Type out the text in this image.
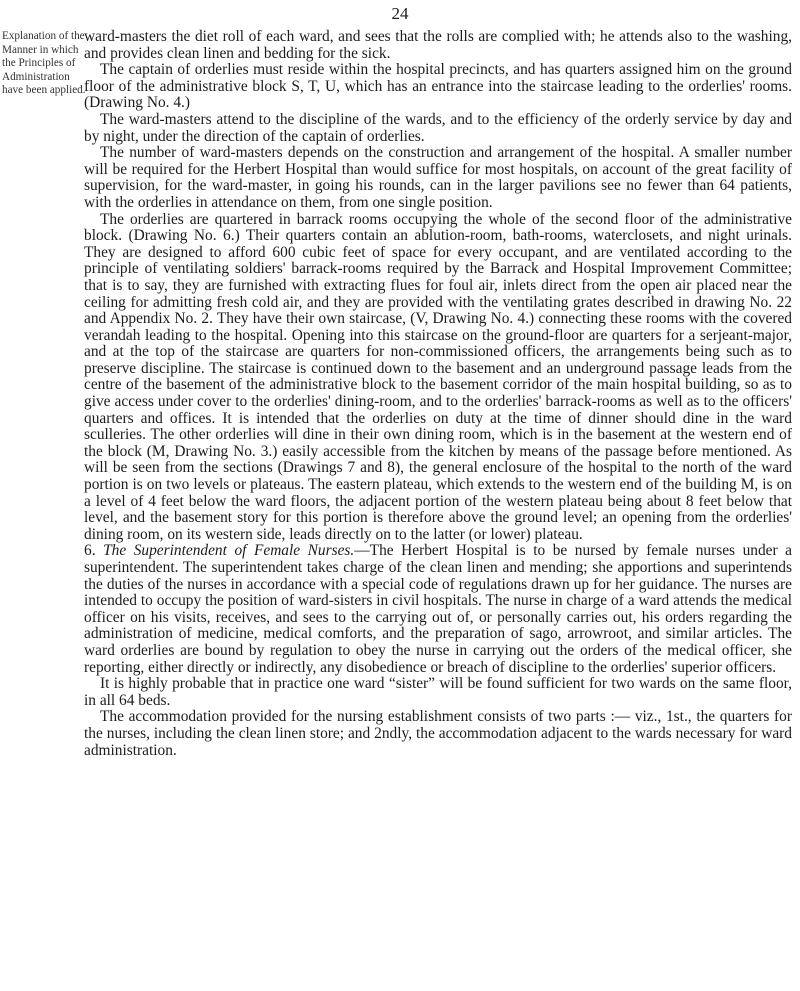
24
Explanation of the
Manner in which
the Principles of
Administration
have been applied.

ward-masters the diet roll of each ward, and sees that the rolls are complied with; he attends also to the washing, and provides clean linen and bedding for the sick.

The captain of orderlies must reside within the hospital precincts, and has quarters assigned him on the ground floor of the administrative block S, T, U, which has an entrance into the staircase leading to the orderlies' rooms. (Drawing No. 4.)

The ward-masters attend to the discipline of the wards, and to the efficiency of the orderly service by day and by night, under the direction of the captain of orderlies.

The number of ward-masters depends on the construction and arrangement of the hospital. A smaller number will be required for the Herbert Hospital than would suffice for most hospitals, on account of the great facility of supervision, for the ward-master, in going his rounds, can in the larger pavilions see no fewer than 64 patients, with the orderlies in attendance on them, from one single position.

The orderlies are quartered in barrack rooms occupying the whole of the second floor of the administrative block. (Drawing No. 6.) Their quarters contain an ablution-room, bath-rooms, waterclosets, and night urinals. They are designed to afford 600 cubic feet of space for every occupant, and are ventilated according to the principle of ventilating soldiers' barrack-rooms required by the Barrack and Hospital Improvement Committee; that is to say, they are furnished with extracting flues for foul air, inlets direct from the open air placed near the ceiling for admitting fresh cold air, and they are provided with the ventilating grates described in drawing No. 22 and Appendix No. 2. They have their own staircase, (V, Drawing No. 4.) connecting these rooms with the covered verandah leading to the hospital. Opening into this staircase on the ground-floor are quarters for a serjeant-major, and at the top of the staircase are quarters for non-commissioned officers, the arrangements being such as to preserve discipline. The staircase is continued down to the basement and an underground passage leads from the centre of the basement of the administrative block to the basement corridor of the main hospital building, so as to give access under cover to the orderlies' dining-room, and to the orderlies' barrack-rooms as well as to the officers' quarters and offices. It is intended that the orderlies on duty at the time of dinner should dine in the ward sculleries. The other orderlies will dine in their own dining room, which is in the basement at the western end of the block (M, Drawing No. 3.) easily accessible from the kitchen by means of the passage before mentioned. As will be seen from the sections (Drawings 7 and 8), the general enclosure of the hospital to the north of the ward portion is on two levels or plateaus. The eastern plateau, which extends to the western end of the building M, is on a level of 4 feet below the ward floors, the adjacent portion of the western plateau being about 8 feet below that level, and the basement story for this portion is therefore above the ground level; an opening from the orderlies' dining room, on its western side, leads directly on to the latter (or lower) plateau.

6. The Superintendent of Female Nurses.—The Herbert Hospital is to be nursed by female nurses under a superintendent. The superintendent takes charge of the clean linen and mending; she apportions and superintends the duties of the nurses in accordance with a special code of regulations drawn up for her guidance. The nurses are intended to occupy the position of ward-sisters in civil hospitals. The nurse in charge of a ward attends the medical officer on his visits, receives, and sees to the carrying out of, or personally carries out, his orders regarding the administration of medicine, medical comforts, and the preparation of sago, arrowroot, and similar articles. The ward orderlies are bound by regulation to obey the nurse in carrying out the orders of the medical officer, she reporting, either directly or indirectly, any disobedience or breach of discipline to the orderlies' superior officers.

It is highly probable that in practice one ward “sister” will be found sufficient for two wards on the same floor, in all 64 beds.

The accommodation provided for the nursing establishment consists of two parts :— viz., 1st., the quarters for the nurses, including the clean linen store; and 2ndly, the accommodation adjacent to the wards necessary for ward administration.
